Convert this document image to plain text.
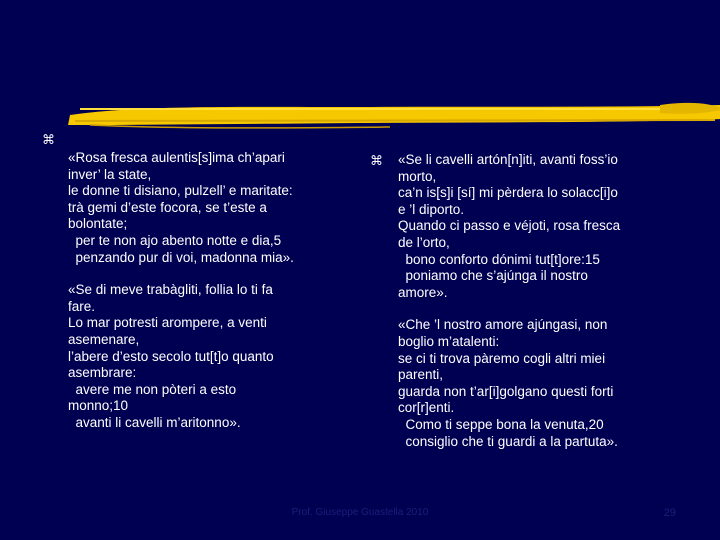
⌘
⌘
«Rosa fresca aulentis[s]ima ch’apari
inver’ la state,
le donne ti disiano, pulzell’ e maritate:
trà gemi d’este focora, se t’este a
bolontate;
per te non ajo abento notte e dia,5
penzando pur di voi, madonna mia».
«Se di meve trabàgliti, follia lo ti fa
fare.
Lo mar potresti arompere, a venti
asemenare,
l’abere d’esto secolo tut[t]o quanto
asembrare:
avere me non pòteri a esto
monno;10
avanti li cavelli m’aritonno».
«Se li cavelli artón[n]iti, avanti foss’io
morto,
ca’n is[s]i [sí] mi pèrdera lo solacc[i]o
e ’l diporto.
Quando ci passo e véjoti, rosa fresca
de l’orto,
bono conforto dónimi tut[t]ore:15
poniamo che s’ajúnga il nostro
amore».
«Che ’l nostro amore ajúngasi, non
boglio m’atalenti:
se ci ti trova pàremo cogli altri miei
parenti,
guarda non t’ar[i]golgano questi forti
cor[r]enti.
Como ti seppe bona la venuta,20
consiglio che ti guardi a la partuta».
Prof. Giuseppe Guastella 2010	29
